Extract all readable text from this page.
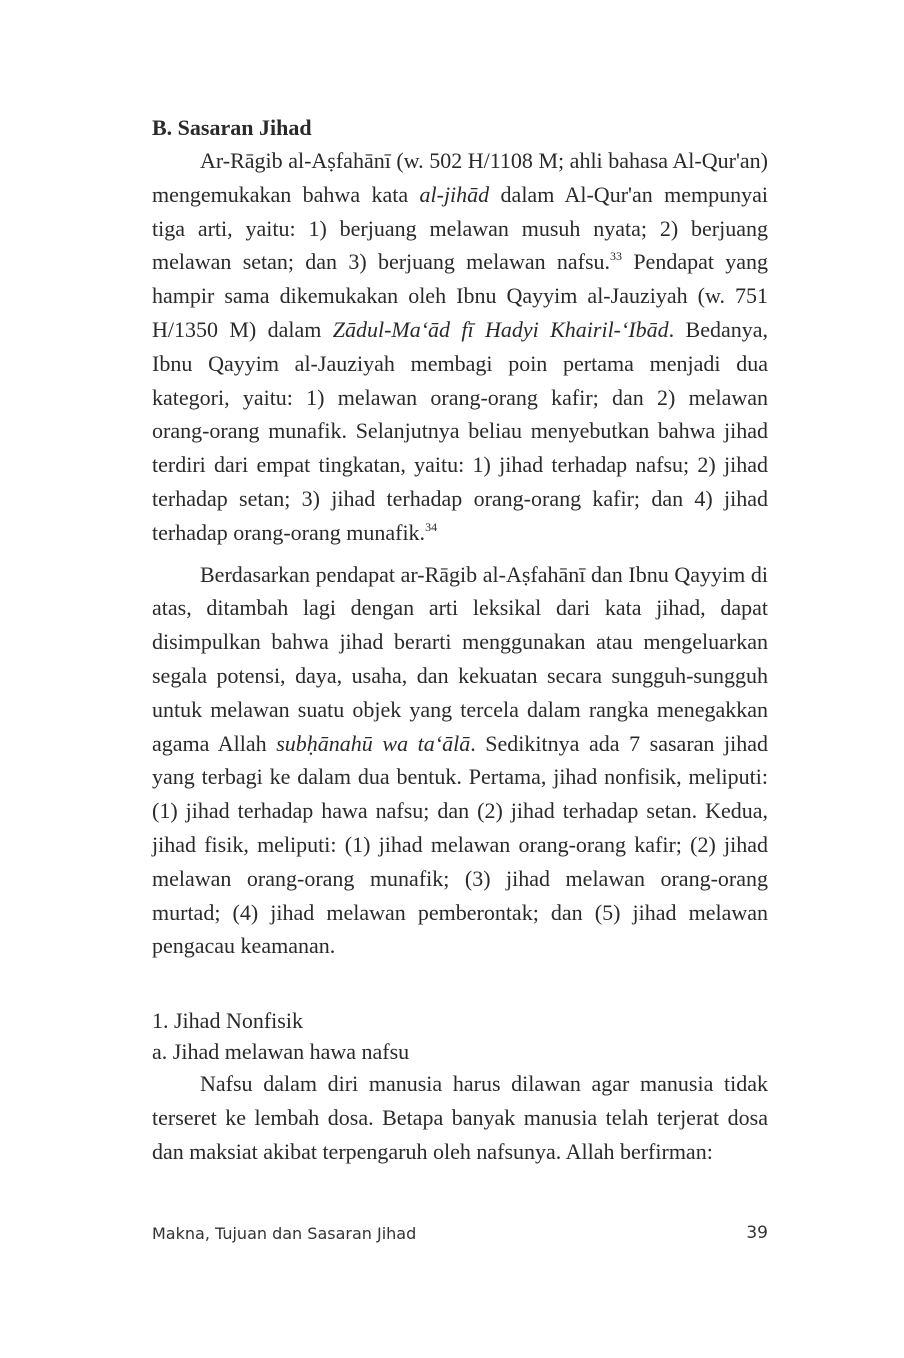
B. Sasaran Jihad

Ar-Rāgib al-Aṣfahānī (w. 502 H/1108 M; ahli bahasa Al-Qur'an) mengemukakan bahwa kata al-jihād dalam Al-Qur'an mempunyai tiga arti, yaitu: 1) berjuang melawan musuh nyata; 2) berjuang melawan setan; dan 3) berjuang melawan nafsu.$^{33}$ Pendapat yang hampir sama dikemukakan oleh Ibnu Qayyim al-Jauziyah (w. 751 H/1350 M) dalam Zādul-Ma‘ād fī Hadyi Khairil-‘Ibād. Bedanya, Ibnu Qayyim al-Jauziyah membagi poin pertama menjadi dua kategori, yaitu: 1) melawan orang-orang kafir; dan 2) melawan orang-orang munafik. Selanjutnya beliau menyebutkan bahwa jihad terdiri dari empat tingkatan, yaitu: 1) jihad terhadap nafsu; 2) jihad terhadap setan; 3) jihad terhadap orang-orang kafir; dan 4) jihad terhadap orang-orang munafik.$^{34}$

Berdasarkan pendapat ar-Rāgib al-Aṣfahānī dan Ibnu Qayyim di atas, ditambah lagi dengan arti leksikal dari kata jihad, dapat disimpulkan bahwa jihad berarti menggunakan atau mengeluarkan segala potensi, daya, usaha, dan kekuatan secara sungguh-sungguh untuk melawan suatu objek yang tercela dalam rangka menegakkan agama Allah subḥānahū wa ta‘ālā. Sedikitnya ada 7 sasaran jihad yang terbagi ke dalam dua bentuk. Pertama, jihad nonfisik, meliputi: (1) jihad terhadap hawa nafsu; dan (2) jihad terhadap setan. Kedua, jihad fisik, meliputi: (1) jihad melawan orang-orang kafir; (2) jihad melawan orang-orang munafik; (3) jihad melawan orang-orang murtad; (4) jihad melawan pemberontak; dan (5) jihad melawan pengacau keamanan.

1. Jihad Nonfisik
a. Jihad melawan hawa nafsu

Nafsu dalam diri manusia harus dilawan agar manusia tidak terseret ke lembah dosa. Betapa banyak manusia telah terjerat dosa dan maksiat akibat terpengaruh oleh nafsunya. Allah berfirman:

Makna, Tujuan dan Sasaran Jihad	39
